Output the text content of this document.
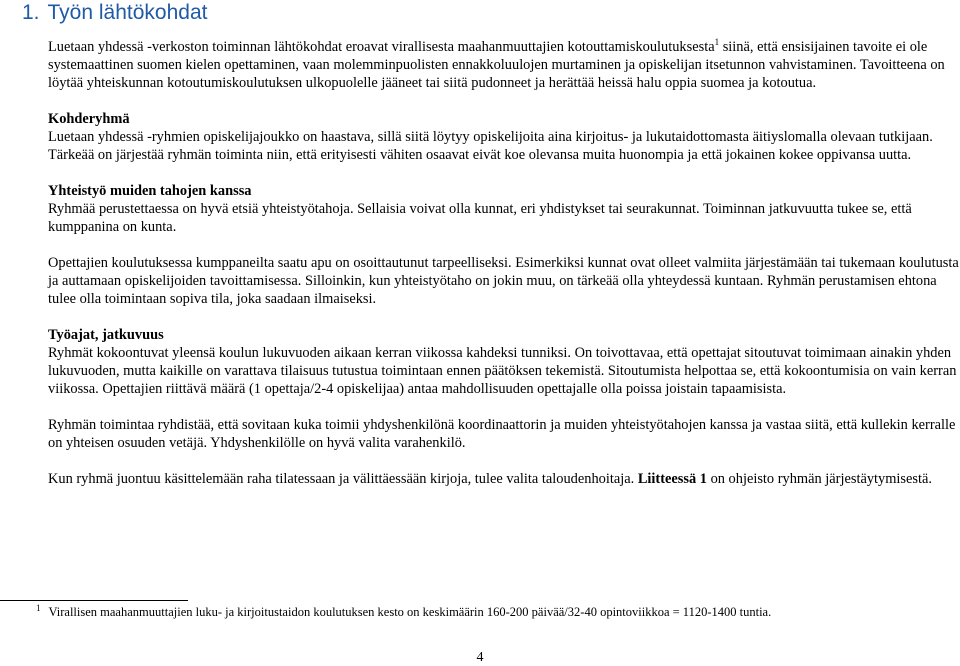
1. Työn lähtökohdat

Luetaan yhdessä -verkoston toiminnan lähtökohdat eroavat virallisesta maahanmuuttajien kotouttamiskoulutuksesta$^1$ siinä, että ensisijainen tavoite ei ole systemaattinen suomen kielen opettaminen, vaan molemminpuolisten ennakkoluulojen murtaminen ja opiskelijan itsetunnon vahvistaminen. Tavoitteena on löytää yhteiskunnan kotoutumiskoulutuksen ulkopuolelle jääneet tai siitä pudonneet ja herättää heissä halu oppia suomea ja kotoutua.

Kohderyhmä
Luetaan yhdessä -ryhmien opiskelijajoukko on haastava, sillä siitä löytyy opiskelijoita aina kirjoitus- ja lukutaidottomasta äitiyslomalla olevaan tutkijaan. Tärkeää on järjestää ryhmän toiminta niin, että erityisesti vähiten osaavat eivät koe olevansa muita huonompia ja että jokainen kokee oppivansa uutta.

Yhteistyö muiden tahojen kanssa
Ryhmää perustettaessa on hyvä etsiä yhteistyötahoja. Sellaisia voivat olla kunnat, eri yhdistykset tai seurakunnat. Toiminnan jatkuvuutta tukee se, että kumppanina on kunta.

Opettajien koulutuksessa kumppaneilta saatu apu on osoittautunut tarpeelliseksi. Esimerkiksi kunnat ovat olleet valmiita järjestämään tai tukemaan koulutusta ja auttamaan opiskelijoiden tavoittamisessa. Silloinkin, kun yhteistyötaho on jokin muu, on tärkeää olla yhteydessä kuntaan. Ryhmän perustamisen ehtona tulee olla toimintaan sopiva tila, joka saadaan ilmaiseksi.

Työajat, jatkuvuus
Ryhmät kokoontuvat yleensä koulun lukuvuoden aikaan kerran viikossa kahdeksi tunniksi. On toivottavaa, että opettajat sitoutuvat toimimaan ainakin yhden lukuvuoden, mutta kaikille on varattava tilaisuus tutustua toimintaan ennen päätöksen tekemistä. Sitoutumista helpottaa se, että kokoontumisia on vain kerran viikossa. Opettajien riittävä määrä (1 opettaja/2-4 opiskelijaa) antaa mahdollisuuden opettajalle olla poissa joistain tapaamisista.

Ryhmän toimintaa ryhdistää, että sovitaan kuka toimii yhdyshenkilönä koordinaattorin ja muiden yhteistyötahojen kanssa ja vastaa siitä, että kullekin kerralle on yhteisen osuuden vetäjä. Yhdyshenkilölle on hyvä valita varahenkilö.

Kun ryhmä juontuu käsittelemään raha tilatessaan ja välittäessään kirjoja, tulee valita taloudenhoitaja. Liitteessä 1 on ohjeisto ryhmän järjestäytymisestä.

$^1$ Virallisen maahanmuuttajien luku- ja kirjoitustaidon koulutuksen kesto on keskimäärin 160-200 päivää/32-40 opintoviikkoa = 1120-1400 tuntia.
4
